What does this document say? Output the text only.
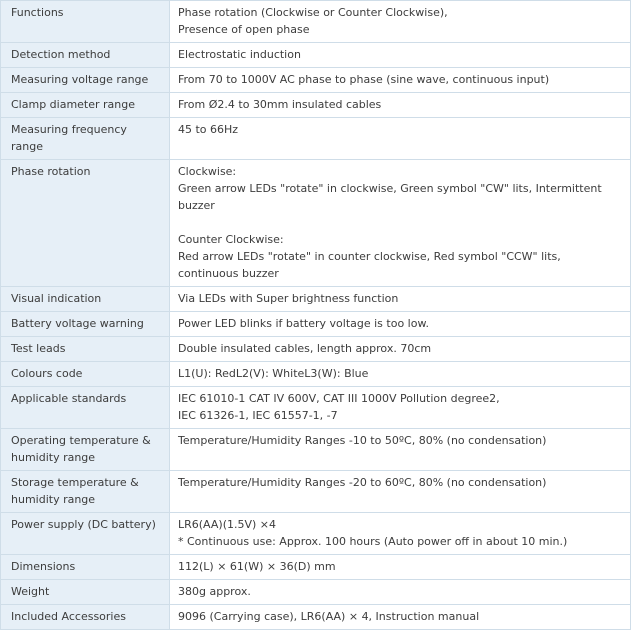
Functions	Phase rotation (Clockwise or Counter Clockwise),
Presence of open phase

Detection method	Electrostatic induction

Measuring voltage range	From 70 to 1000V AC phase to phase (sine wave, continuous input)

Clamp diameter range	From Ø2.4 to 30mm insulated cables

Measuring frequency range	45 to 66Hz

Phase rotation	Clockwise:
Green arrow LEDs "rotate" in clockwise, Green symbol "CW" lits, Intermittent buzzer
Counter Clockwise:
Red arrow LEDs "rotate" in counter clockwise, Red symbol "CCW" lits, continuous buzzer

Visual indication	Via LEDs with Super brightness function

Battery voltage warning	Power LED blinks if battery voltage is too low.

Test leads	Double insulated cables, length approx. 70cm

Colours code	L1(U): RedL2(V): WhiteL3(W): Blue

Applicable standards	IEC 61010-1 CAT IV 600V, CAT III 1000V Pollution degree2,
IEC 61326-1, IEC 61557-1, -7

Operating temperature & humidity range	Temperature/Humidity Ranges -10 to 50ºC, 80% (no condensation)

Storage temperature & humidity range	Temperature/Humidity Ranges -20 to 60ºC, 80% (no condensation)

Power supply (DC battery)	LR6(AA)(1.5V) ×4
* Continuous use: Approx. 100 hours (Auto power off in about 10 min.)

Dimensions	112(L) × 61(W) × 36(D) mm

Weight	380g approx.

Included Accessories	9096 (Carrying case), LR6(AA) × 4, Instruction manual
